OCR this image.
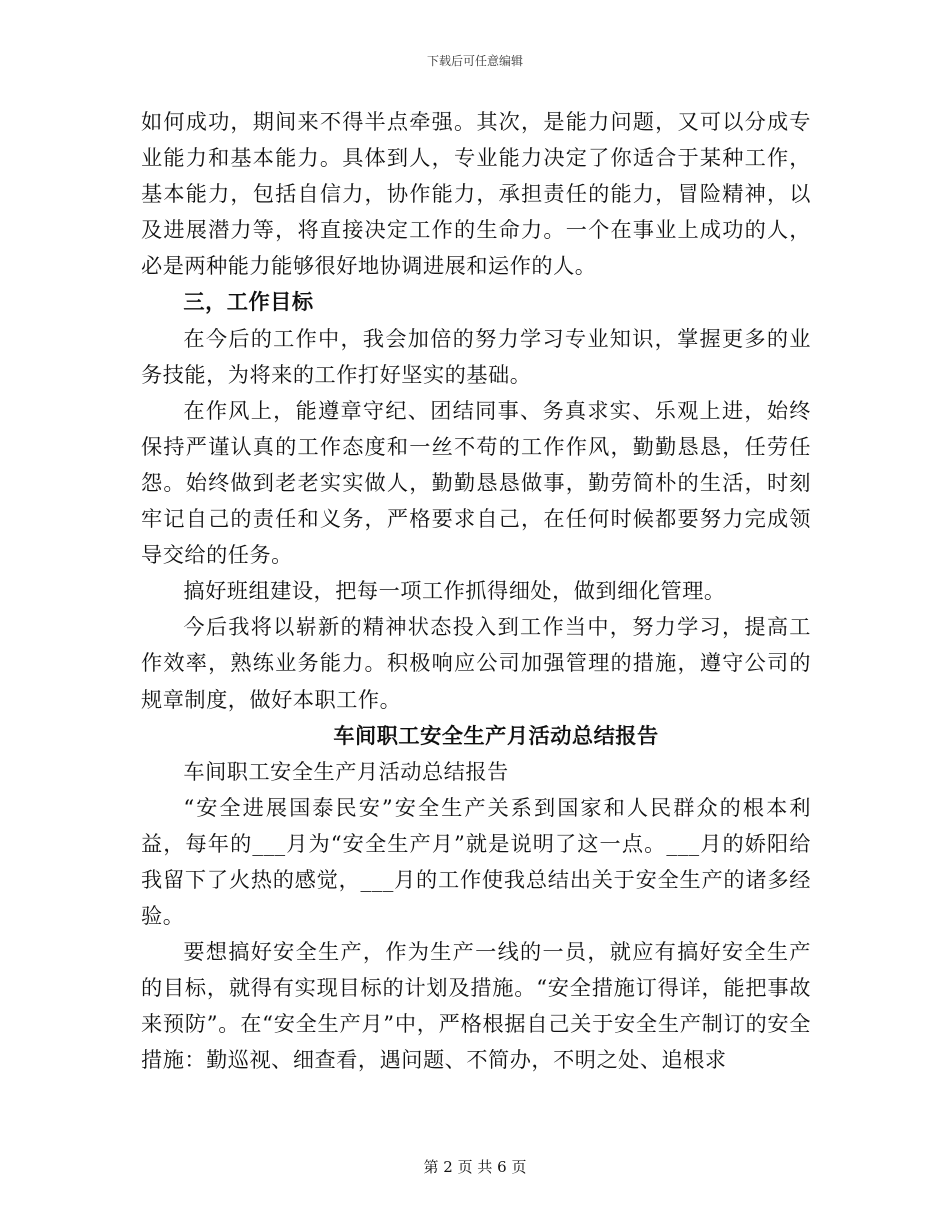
下载后可任意编辑

如何成功，期间来不得半点牵强。其次，是能力问题，又可以分成专业能力和基本能力。具体到人，专业能力决定了你适合于某种工作，基本能力，包括自信力，协作能力，承担责任的能力，冒险精神，以及进展潜力等，将直接决定工作的生命力。一个在事业上成功的人，必是两种能力能够很好地协调进展和运作的人。

三，工作目标

在今后的工作中，我会加倍的努力学习专业知识，掌握更多的业务技能，为将来的工作打好坚实的基础。

在作风上，能遵章守纪、团结同事、务真求实、乐观上进，始终保持严谨认真的工作态度和一丝不苟的工作作风，勤勤恳恳，任劳任怨。始终做到老老实实做人，勤勤恳恳做事，勤劳简朴的生活，时刻牢记自己的责任和义务，严格要求自己，在任何时候都要努力完成领导交给的任务。

搞好班组建设，把每一项工作抓得细处，做到细化管理。

今后我将以崭新的精神状态投入到工作当中，努力学习，提高工作效率，熟练业务能力。积极响应公司加强管理的措施，遵守公司的规章制度，做好本职工作。

车间职工安全生产月活动总结报告

车间职工安全生产月活动总结报告

“安全进展国泰民安”安全生产关系到国家和人民群众的根本利益，每年的___月为“安全生产月”就是说明了这一点。___月的娇阳给我留下了火热的感觉，___月的工作使我总结出关于安全生产的诸多经验。

要想搞好安全生产，作为生产一线的一员，就应有搞好安全生产的目标，就得有实现目标的计划及措施。“安全措施订得详，能把事故来预防”。在“安全生产月”中，严格根据自己关于安全生产制订的安全措施：勤巡视、细查看，遇问题、不简办，不明之处、追根求

第 2 页 共 6 页
